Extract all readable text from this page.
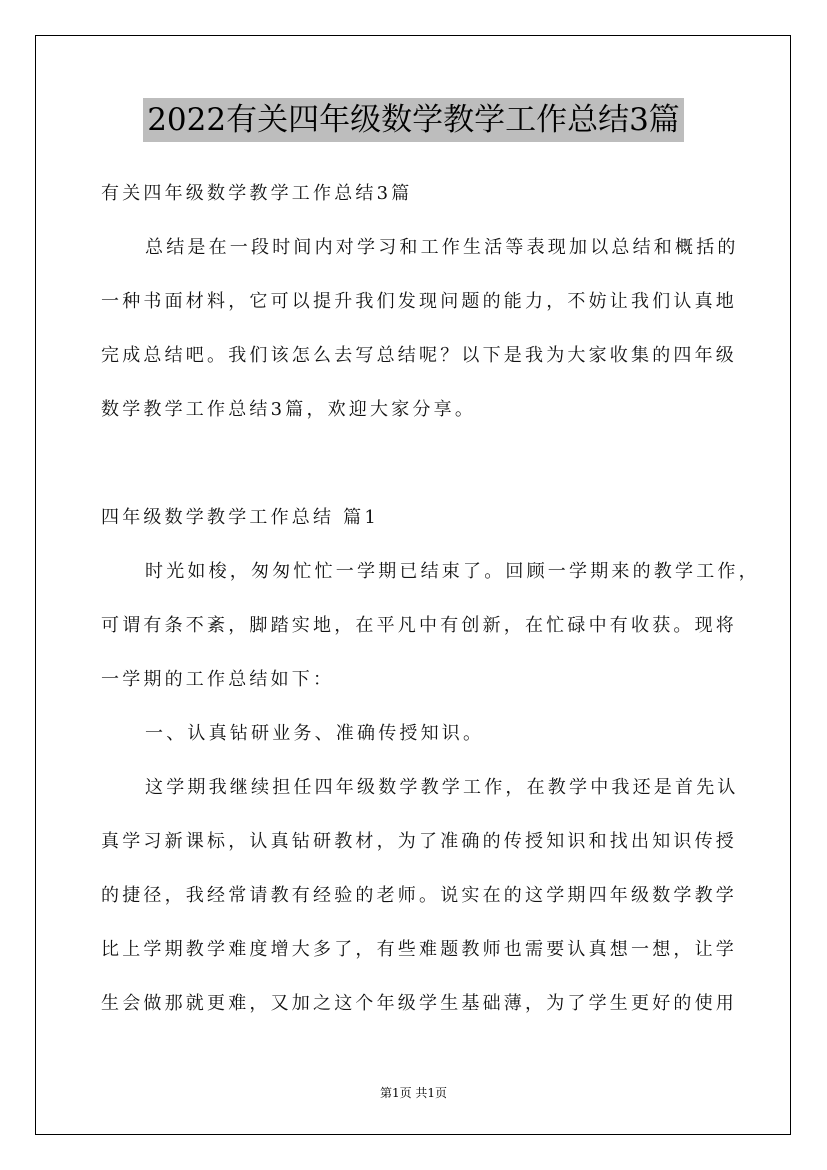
2022有关四年级数学教学工作总结3篇
有关四年级数学教学工作总结3篇
总结是在一段时间内对学习和工作生活等表现加以总结和概括的
一种书面材料，它可以提升我们发现问题的能力，不妨让我们认真地
完成总结吧。我们该怎么去写总结呢？以下是我为大家收集的四年级
数学教学工作总结3篇，欢迎大家分享。
四年级数学教学工作总结 篇1
时光如梭，匆匆忙忙一学期已结束了。回顾一学期来的教学工作，
可谓有条不紊，脚踏实地，在平凡中有创新，在忙碌中有收获。现将
一学期的工作总结如下：
一、认真钻研业务、准确传授知识。
这学期我继续担任四年级数学教学工作，在教学中我还是首先认
真学习新课标，认真钻研教材，为了准确的传授知识和找出知识传授
的捷径，我经常请教有经验的老师。说实在的这学期四年级数学教学
比上学期教学难度增大多了，有些难题教师也需要认真想一想，让学
生会做那就更难，又加之这个年级学生基础薄，为了学生更好的使用
第1页 共1页
